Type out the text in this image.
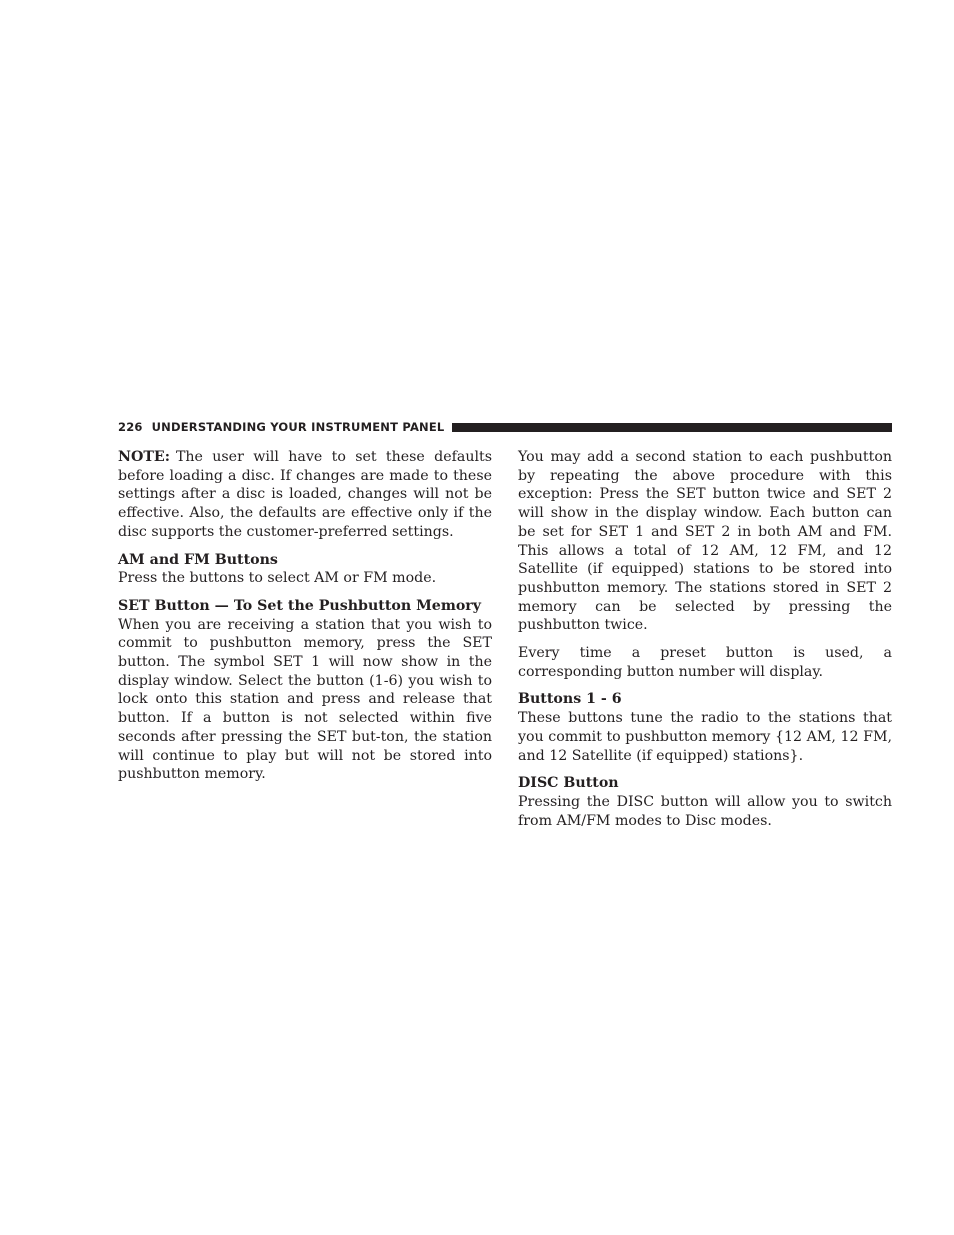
226 UNDERSTANDING YOUR INSTRUMENT PANEL

NOTE: The user will have to set these defaults before loading a disc. If changes are made to these settings after a disc is loaded, changes will not be effective. Also, the defaults are effective only if the disc supports the customer-preferred settings.

AM and FM Buttons

Press the buttons to select AM or FM mode.

SET Button — To Set the Pushbutton Memory

When you are receiving a station that you wish to commit to pushbutton memory, press the SET button. The symbol SET 1 will now show in the display window. Select the button (1-6) you wish to lock onto this station and press and release that button. If a button is not selected within five seconds after pressing the SET but-ton, the station will continue to play but will not be stored into pushbutton memory.

You may add a second station to each pushbutton by repeating the above procedure with this exception: Press the SET button twice and SET 2 will show in the display window. Each button can be set for SET 1 and SET 2 in both AM and FM. This allows a total of 12 AM, 12 FM, and 12 Satellite (if equipped) stations to be stored into pushbutton memory. The stations stored in SET 2 memory can be selected by pressing the pushbutton twice.

Every time a preset button is used, a corresponding button number will display.

Buttons 1 - 6

These buttons tune the radio to the stations that you commit to pushbutton memory {12 AM, 12 FM, and 12 Satellite (if equipped) stations}.

DISC Button

Pressing the DISC button will allow you to switch from AM/FM modes to Disc modes.
